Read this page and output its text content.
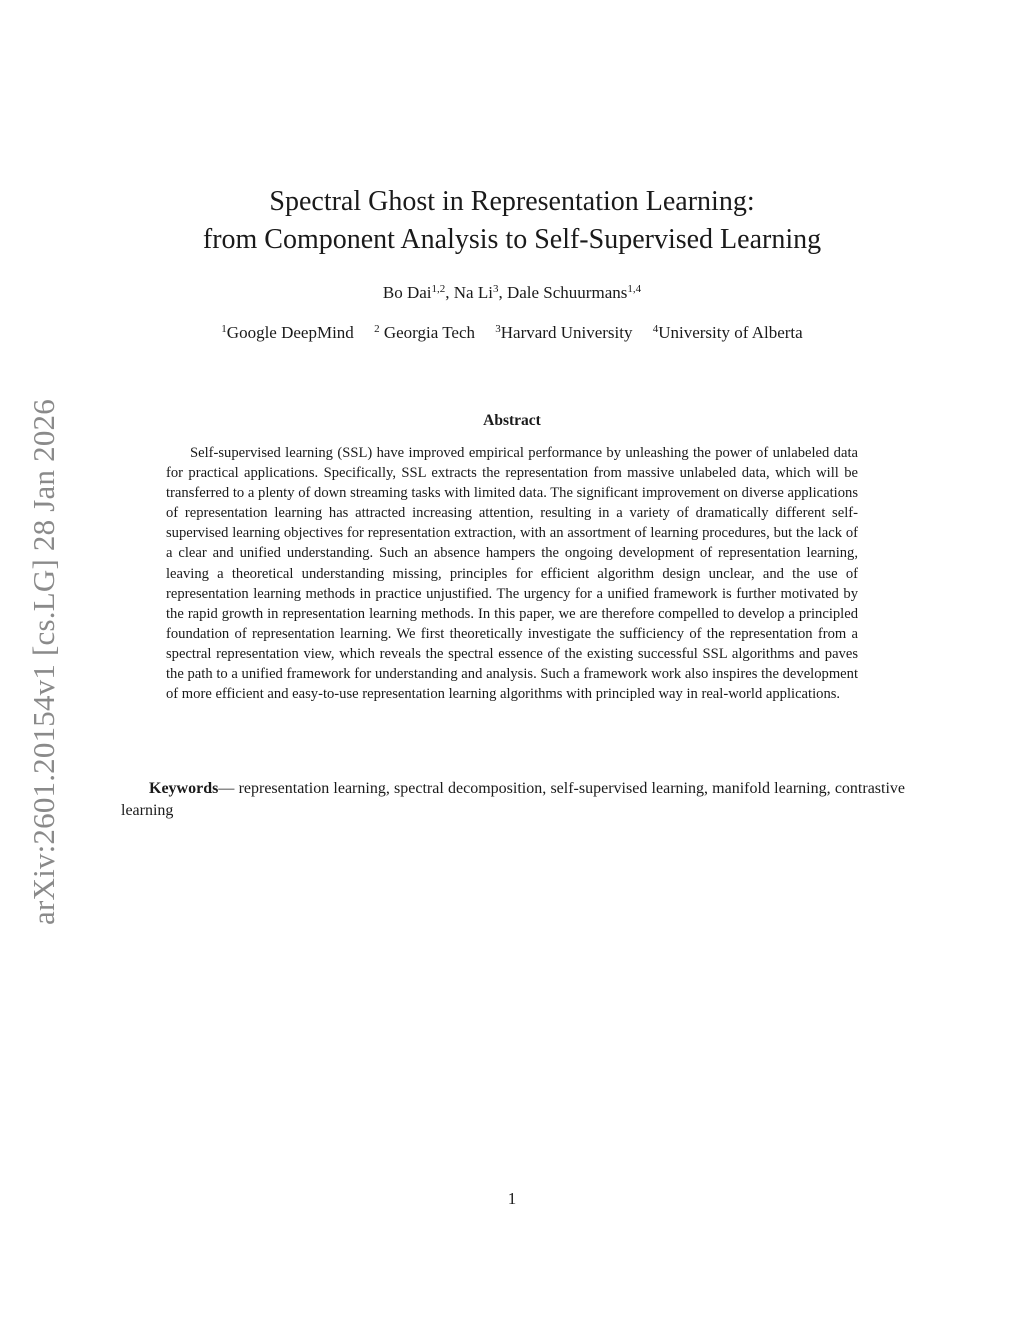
arXiv:2601.20154v1 [cs.LG] 28 Jan 2026
Spectral Ghost in Representation Learning:
from Component Analysis to Self-Supervised Learning
Bo Dai$^{1,2}$, Na Li$^3$, Dale Schuurmans$^{1,4}$
$^1$Google DeepMind $^2$ Georgia Tech $^3$Harvard University $^4$University of Alberta
Abstract

Self-supervised learning (SSL) have improved empirical performance by unleashing the power of unlabeled data for practical applications. Specifically, SSL extracts the representation from massive unlabeled data, which will be transferred to a plenty of down streaming tasks with limited data. The significant improvement on diverse applications of representation learning has attracted increasing attention, resulting in a variety of dramatically different self-supervised learning objectives for representation extraction, with an assortment of learning procedures, but the lack of a clear and unified understanding. Such an absence hampers the ongoing development of representation learning, leaving a theoretical understanding missing, principles for efficient algorithm design unclear, and the use of representation learning methods in practice unjustified. The urgency for a unified framework is further motivated by the rapid growth in representation learning methods. In this paper, we are therefore compelled to develop a principled foundation of representation learning. We first theoretically investigate the sufficiency of the representation from a spectral representation view, which reveals the spectral essence of the existing successful SSL algorithms and paves the path to a unified framework for understanding and analysis. Such a framework work also inspires the development of more efficient and easy-to-use representation learning algorithms with principled way in real-world applications.

Keywords— representation learning, spectral decomposition, self-supervised learning, manifold learning, contrastive learning

1
